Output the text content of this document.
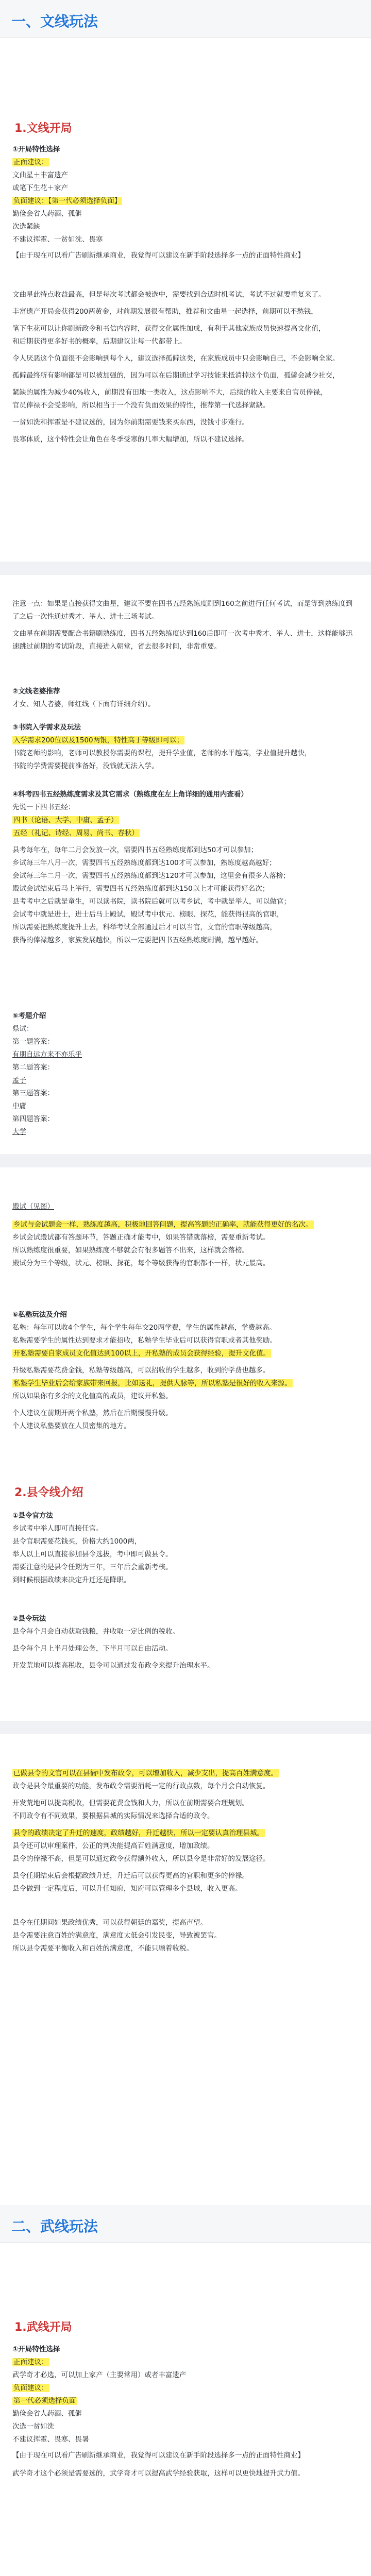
一、文线玩法
1.文线开局

①开局特性选择

正面建议：

文曲星＋丰富遗产

或笔下生花＋家产

负面建议：【第一代必须选择负面】

勤俭会省人药酒、孤僻

次选紧缺

不建议挥霍、一贫如洗、畏寒

【由于现在可以看广告刷新继承商业，我觉得可以建议在新手阶段选择多一点的正面特性商业】

文曲星此特点收益最高，但是每次考试都会被选中，需要找到合适时机考试，考试不过就要重复来了。

丰富遗产开局会获得200两黄金，对前期发展很有帮助，推荐和文曲星一起选择，前期可以不愁钱，

笔下生花可以让你刷新政令和书信内容时，获得文化属性加成，有利于其他家族成员快速提高文化值，

和后期获得更多好书的概率，后期建议让每一代都带上。

令人厌恶这个负面很不会影响到每个人，建议选择孤僻这类，在家族成员中只会影响自己，不会影响全家。

孤僻最终所有影响都是可以被加强的，因为可以在后期通过学习技能来抵消掉这个负面，孤僻会减少社交，

紧缺的属性为减少40%收入，前期没有田地一类收入，这点影响不大，后续的收入主要来自官员俸禄，

官员俸禄不会受影响，所以相当于一个没有负面效果的特性，推荐第一代选择紧缺。

一贫如洗和挥霍是不建议选的，因为你前期需要钱来买东西，没钱寸步难行。

畏寒体质，这个特性会让角色在冬季受寒的几率大幅增加，所以不建议选择。

注意一点：如果是直接获得文曲星，建议不要在四书五经熟练度刷到160之前进行任何考试，而是等到熟练度到了之后一次性通过秀才、举人、进士三场考试。

文曲星在前期需要配合书籍刷熟练度，四书五经熟练度达到160后即可一次考中秀才、举人、进士，这样能够迅速跳过前期的考试阶段，直接进入朝堂，省去很多时间，非常重要。

②文线老婆推荐

才女、知人者婆，师红线（下面有详细介绍）。

③书院入学需求及玩法

入学需求200位以及1500两银，特性高于等级即可以；

书院老师的影响，老师可以教授你需要的课程，提升学业值，老师的水平越高，学业值提升越快，

书院的学费需要提前准备好，没钱就无法入学。

④科考四书五经熟练度需求及其它需求（熟练度在左上角详细的通用内查看）

先说一下四书五经：

四书（论语、大学、中庸、孟子）

五经（礼记、诗经、周易、尚书、春秋）

县考每年在，每年二月会发放一次，需要四书五经熟练度都到达50才可以参加；

乡试每三年八月一次，需要四书五经熟练度都到达100才可以参加，熟练度越高越好；

会试每三年二月一次，需要四书五经熟练度都到达120才可以参加，这里会有很多人落榜；

殿试会试结束后马上举行，需要四书五经熟练度都到达150以上才可能获得好名次；

县考考中之后就是童生，可以读书院，读书院后就可以考乡试，考中就是举人，可以做官；

会试考中就是进士，进士后马上殿试，殿试考中状元、榜眼、探花，能获得很高的官职，

所以需要把熟练度提升上去，科举考试全部通过后才可以当官，文官的官职等级越高，

获得的俸禄越多，家族发展越快，所以一定要把四书五经熟练度刷满，越早越好。

⑤考题介绍

県试：

第一题答案：

有朋自远方来不亦乐乎

第二题答案：

孟子

第三题答案：

中庸

第四题答案：

大学

殿试（见图）

乡试与会试题会一样，熟练度越高，积极地回答问题，提高答题的正确率，就能获得更好的名次。

乡试会试殿试都有答题环节，答题正确才能考中，如果答错就落榜，需要重新考试。

所以熟练度很重要，如果熟练度不够就会有很多题答不出来，这样就会落榜。

殿试分为三个等级，状元、榜眼、探花，每个等级获得的官职都不一样，状元最高。

⑥私塾玩法及介绍

私塾：每年可以收4个学生，每个学生每年交20两学费，学生的属性越高，学费越高。

私塾需要学生的属性达到要求才能招收，私塾学生毕业后可以获得官职或者其他奖励。

开私塾需要自家成员文化值达到100以上，开私塾的成员会获得经验，提升文化值。

升级私塾需要花费金钱，私塾等级越高，可以招收的学生越多，收到的学费也越多。

私塾学生毕业后会给家族带来回报，比如送礼，提供人脉等，所以私塾是很好的收入来源。

所以如果你有多余的文化值高的成员，建议开私塾。

个人建议在前期开两个私塾，然后在后期慢慢升级。

个人建议私塾要放在人员密集的地方。

2.县令线介绍

①县令官方法

乡试考中举人即可直接任官。

县令官职需要花钱买，价格大约1000两，

举人以上可以直接参加县令选拔，考中即可做县令。

需要注意的是县令任期为三年，三年后会重新考核。

到时候根据政绩来决定升迁还是降职。

②县令玩法

县令每个月会自动获取钱粮，并收取一定比例的税收。

县令每个月上半月处理公务，下半月可以自由活动。

开发荒地可以提高税收，县令可以通过发布政令来提升治理水平。

已做县令的文官可以在县衙中发布政令，可以增加收入，减少支出，提高百姓满意度。

政令是县令最重要的功能，发布政令需要消耗一定的行政点数，每个月会自动恢复。

开发荒地可以提高税收，但需要花费金钱和人力，所以在前期需要合理规划。

不同政令有不同效果，要根据县城的实际情况来选择合适的政令。

县令的政绩决定了升迁的速度，政绩越好，升迁越快，所以一定要认真治理县城。

县令还可以审理案件，公正的判决能提高百姓满意度，增加政绩。

县令的俸禄不高，但是可以通过政令获得额外收入，所以县令是非常好的发展途径。

县令任期结束后会根据政绩升迁，升迁后可以获得更高的官职和更多的俸禄。

县令做到一定程度后，可以升任知府，知府可以管理多个县城，收入更高。

县令在任期间如果政绩优秀，可以获得朝廷的嘉奖，提高声望。

县令需要注意百姓的满意度，满意度太低会引发民变，导致被罢官。

所以县令需要平衡收入和百姓的满意度，不能只顾着收税。

二、武线玩法
1.武线开局

①开局特性选择

正面建议：

武学奇才必选，可以加上家产（主要常用）或者丰富遗产

负面建议：

第一代必须选择负面

勤俭会省人药酒、孤僻

次选一贫如洗

不建议挥霍、畏寒、畏暑

【由于现在可以看广告刷新继承商业，我觉得可以建议在新手阶段选择多一点的正面特性商业】

武学奇才这个必须是需要选的，武学奇才可以提高武学经验获取，这样可以更快地提升武力值。
